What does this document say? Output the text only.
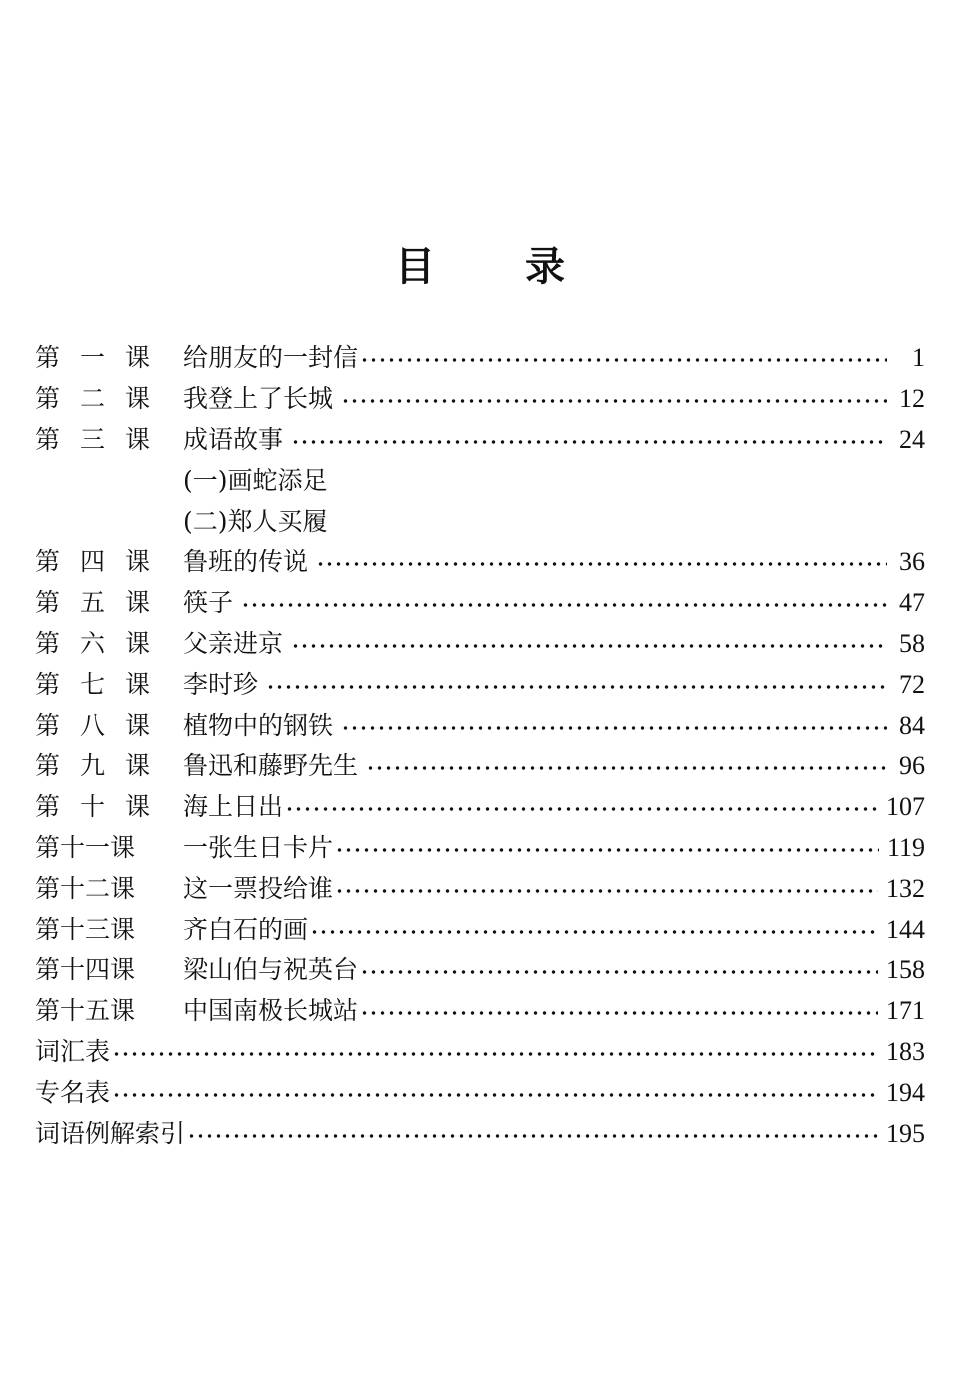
目 录
第一课 给朋友的一封信	1
第二课 我登上了长城	12
第三课 成语故事	24
(一)画蛇添足
(二)郑人买履
第四课 鲁班的传说	36
第五课 筷子	47
第六课 父亲进京	58
第七课 李时珍	72
第八课 植物中的钢铁	84
第九课 鲁迅和藤野先生	96
第十课 海上日出	107
第十一课	一张生日卡片	119
第十二课	这一票投给谁	132
第十三课	齐白石的画	144
第十四课	梁山伯与祝英台	158
第十五课	中国南极长城站	171
词汇表	183
专名表	194
词语例解索引	195
